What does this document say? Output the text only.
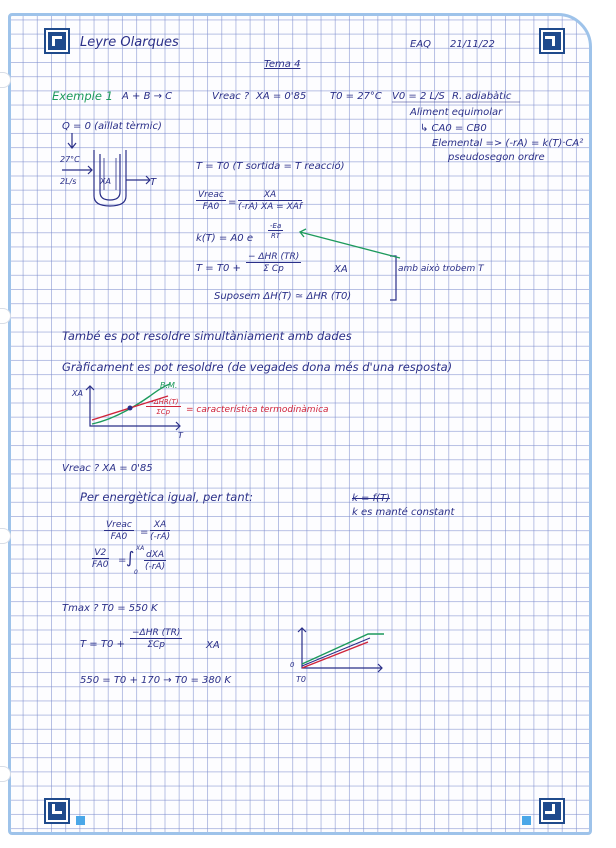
Leyre Olarques	EAQ 21/11/22
Tema 4
Exemple 1 A + B → C	Vreac ? XA = 0'85 T0 = 27°C V0 = 2 L/S R. adiabàtic
Aliment equimolar
↳ CA0 = CB0
Elemental => (-rA) = k(T)·CA²
pseudosegon ordre
Q = 0 (aïllat tèrmic)
27°C
2L/s	XA	T
T = T0 (T sortida = T reacció)
Vreac
FA0 =
XA
(-rA) XA = XAf
k(T) = A0 e $\frac{-Ea}{RT}$
T = T0 +
− ΔHR (TR)
Σ Cp	XA	amb això trobem T
Suposem ΔH(T) ≃ ΔHR (T0)
També es pot resoldre simultàniament amb dades
Gràficament es pot resoldre (de vegades dona més d'una resposta)
XA
T
B.M.
−ΔHR(T)
ΣCp	= característica termodinàmica
Vreac ? XA = 0'85
Per energètica igual, per tant:	k = f(T)
k es manté constant
Vreac
FA0	= $\frac{XA}{(-rA)}$
$\frac{V2}{FA0}$ = ∫ XA
0
dXA
(-rA)
Tmax ? T0 = 550 K
T = T0 +
−ΔHR (TR)
ΣCp	XA
550 = T0 + 170 → T0 = 380 K	T0
0
